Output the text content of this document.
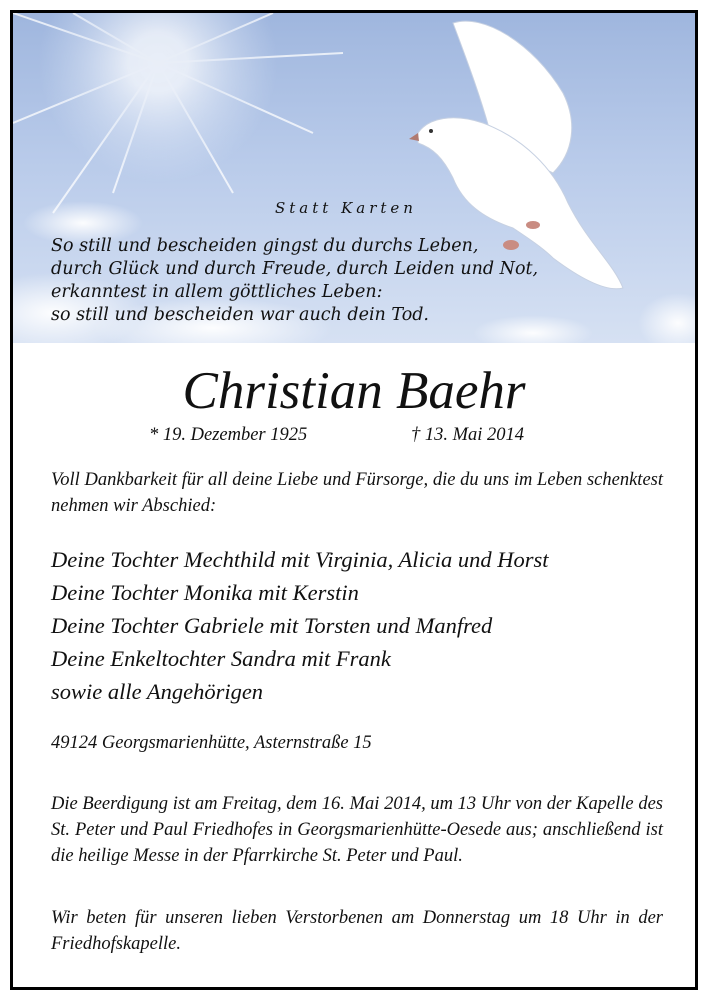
Statt Karten
So still und bescheiden gingst du durchs Leben,
durch Glück und durch Freude, durch Leiden und Not,
erkanntest in allem göttliches Leben:
so still und bescheiden war auch dein Tod.
Christian Baehr
* 19. Dezember 1925	† 13. Mai 2014
Voll Dankbarkeit für all deine Liebe und Fürsorge, die du uns im Leben schenktest nehmen wir Abschied:
Deine Tochter Mechthild mit Virginia, Alicia und Horst
Deine Tochter Monika mit Kerstin
Deine Tochter Gabriele mit Torsten und Manfred
Deine Enkeltochter Sandra mit Frank
sowie alle Angehörigen
49124 Georgsmarienhütte, Asternstraße 15
Die Beerdigung ist am Freitag, dem 16. Mai 2014, um 13 Uhr von der Kapelle des St. Peter und Paul Friedhofes in Georgsmarienhütte-Oesede aus; anschließend ist die heilige Messe in der Pfarrkirche St. Peter und Paul.
Wir beten für unseren lieben Verstorbenen am Donnerstag um 18 Uhr in der Friedhofskapelle.
